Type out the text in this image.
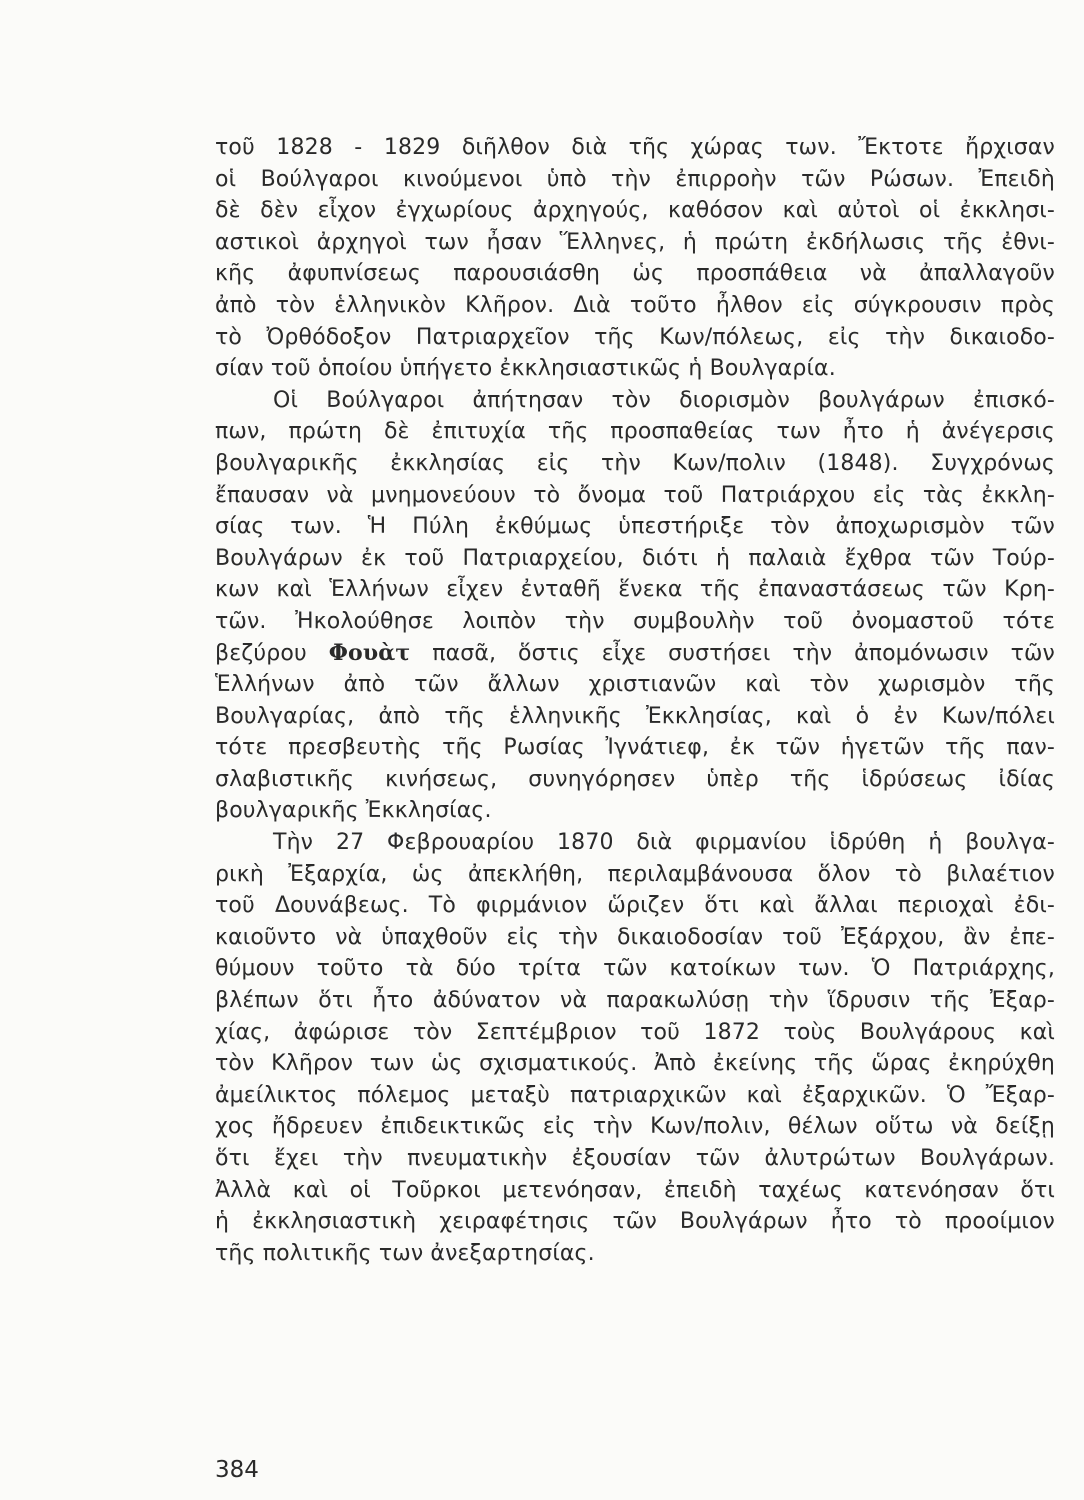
τοῦ 1828 - 1829 διῆλθον διὰ τῆς χώρας των. Ἔκτοτε ἤρχισαν
οἱ Βούλγαροι κινούμενοι ὑπὸ τὴν ἐπιρροὴν τῶν Ρώσων. Ἐπειδὴ
δὲ δὲν εἶχον ἐγχωρίους ἀρχηγούς, καθόσον καὶ αὐτοὶ οἱ ἐκκλησι-
αστικοὶ ἀρχηγοὶ των ἦσαν Ἕλληνες, ἡ πρώτη ἐκδήλωσις τῆς ἐθνι-
κῆς ἀφυπνίσεως παρουσιάσθη ὡς προσπάθεια νὰ ἀπαλλαγοῦν
ἀπὸ τὸν ἑλληνικὸν Κλῆρον. Διὰ τοῦτο ἦλθον εἰς σύγκρουσιν πρὸς
τὸ Ὀρθόδοξον Πατριαρχεῖον τῆς Κων/πόλεως, εἰς τὴν δικαιοδο-
σίαν τοῦ ὁποίου ὑπήγετο ἐκκλησιαστικῶς ἡ Βουλγαρία.
Οἱ Βούλγαροι ἀπήτησαν τὸν διορισμὸν βουλγάρων ἐπισκό-
πων, πρώτη δὲ ἐπιτυχία τῆς προσπαθείας των ἦτο ἡ ἀνέγερσις
βουλγαρικῆς ἐκκλησίας εἰς τὴν Κων/πολιν (1848). Συγχρόνως
ἔπαυσαν νὰ μνημονεύουν τὸ ὄνομα τοῦ Πατριάρχου εἰς τὰς ἐκκλη-
σίας των. Ἡ Πύλη ἐκθύμως ὑπεστήριξε τὸν ἀποχωρισμὸν τῶν
Βουλγάρων ἐκ τοῦ Πατριαρχείου, διότι ἡ παλαιὰ ἔχθρα τῶν Τούρ-
κων καὶ Ἑλλήνων εἶχεν ἐνταθῆ ἕνεκα τῆς ἐπαναστάσεως τῶν Κρη-
τῶν. Ἠκολούθησε λοιπὸν τὴν συμβουλὴν τοῦ ὀνομαστοῦ τότε
βεζύρου Φουὰτ πασᾶ, ὅστις εἶχε συστήσει τὴν ἀπομόνωσιν τῶν
Ἑλλήνων ἀπὸ τῶν ἄλλων χριστιανῶν καὶ τὸν χωρισμὸν τῆς
Βουλγαρίας, ἀπὸ τῆς ἑλληνικῆς Ἐκκλησίας, καὶ ὁ ἐν Κων/πόλει
τότε πρεσβευτὴς τῆς Ρωσίας Ἰγνάτιεφ, ἐκ τῶν ἡγετῶν τῆς παν-
σλαβιστικῆς κινήσεως, συνηγόρησεν ὑπὲρ τῆς ἱδρύσεως ἰδίας
βουλγαρικῆς Ἐκκλησίας.
Τὴν 27 Φεβρουαρίου 1870 διὰ φιρμανίου ἱδρύθη ἡ βουλγα-
ρικὴ Ἐξαρχία, ὡς ἀπεκλήθη, περιλαμβάνουσα ὅλον τὸ βιλαέτιον
τοῦ Δουνάβεως. Τὸ φιρμάνιον ὥριζεν ὅτι καὶ ἄλλαι περιοχαὶ ἐδι-
καιοῦντο νὰ ὑπαχθοῦν εἰς τὴν δικαιοδοσίαν τοῦ Ἐξάρχου, ἂν ἐπε-
θύμουν τοῦτο τὰ δύο τρίτα τῶν κατοίκων των. Ὁ Πατριάρχης,
βλέπων ὅτι ἦτο ἀδύνατον νὰ παρακωλύσῃ τὴν ἵδρυσιν τῆς Ἐξαρ-
χίας, ἀφώρισε τὸν Σεπτέμβριον τοῦ 1872 τοὺς Βουλγάρους καὶ
τὸν Κλῆρον των ὡς σχισματικούς. Ἀπὸ ἐκείνης τῆς ὥρας ἐκηρύχθη
ἀμείλικτος πόλεμος μεταξὺ πατριαρχικῶν καὶ ἐξαρχικῶν. Ὁ Ἔξαρ-
χος ἤδρευεν ἐπιδεικτικῶς εἰς τὴν Κων/πολιν, θέλων οὕτω νὰ δείξῃ
ὅτι ἔχει τὴν πνευματικὴν ἐξουσίαν τῶν ἀλυτρώτων Βουλγάρων.
Ἀλλὰ καὶ οἱ Τοῦρκοι μετενόησαν, ἐπειδὴ ταχέως κατενόησαν ὅτι
ἡ ἐκκλησιαστικὴ χειραφέτησις τῶν Βουλγάρων ἦτο τὸ προοίμιον
τῆς πολιτικῆς των ἀνεξαρτησίας.
384
